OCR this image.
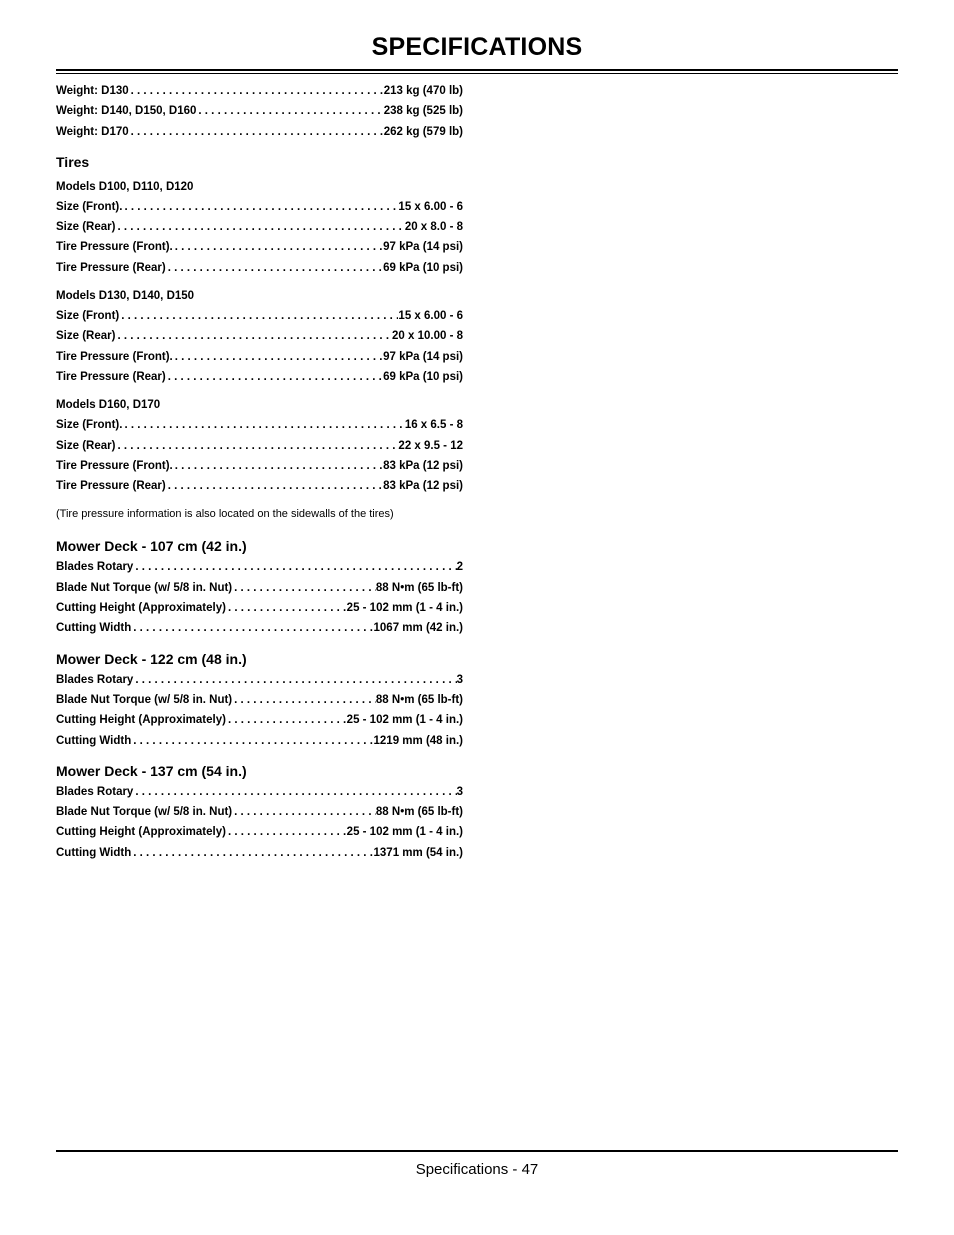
SPECIFICATIONS
Weight: D130 . . .	213 kg (470 lb)
Weight: D140, D150, D160 . . .	238 kg (525 lb)
Weight: D170 . . .	262 kg (579 lb)
Tires
Models D100, D110, D120
Size (Front). . . .	15 x 6.00 - 6
Size (Rear) . . .	20 x 8.0 - 8
Tire Pressure (Front). . . .	97 kPa (14 psi)
Tire Pressure (Rear) . . .	69 kPa (10 psi)
Models D130, D140, D150
Size (Front) . . .	15 x 6.00 - 6
Size (Rear) . . .	20 x 10.00 - 8
Tire Pressure (Front). . . .	97 kPa (14 psi)
Tire Pressure (Rear) . . .	69 kPa (10 psi)
Models D160, D170
Size (Front). . . .	16 x 6.5 - 8
Size (Rear) . . .	22 x 9.5 - 12
Tire Pressure (Front). . . .	83 kPa (12 psi)
Tire Pressure (Rear) . . .	83 kPa (12 psi)
(Tire pressure information is also located on the sidewalls of the tires)
Mower Deck - 107 cm (42 in.)
Blades Rotary . . .	2
Blade Nut Torque (w/ 5/8 in. Nut) . . .	88 N•m (65 lb-ft)
Cutting Height (Approximately) . . .	25 - 102 mm (1 - 4 in.)
Cutting Width . . .	1067 mm (42 in.)
Mower Deck - 122 cm (48 in.)
Blades Rotary . . .	3
Blade Nut Torque (w/ 5/8 in. Nut) . . .	88 N•m (65 lb-ft)
Cutting Height (Approximately) . . .	25 - 102 mm (1 - 4 in.)
Cutting Width . . .	1219 mm (48 in.)
Mower Deck - 137 cm (54 in.)
Blades Rotary . . .	3
Blade Nut Torque (w/ 5/8 in. Nut) . . .	88 N•m (65 lb-ft)
Cutting Height (Approximately) . . .	25 - 102 mm (1 - 4 in.)
Cutting Width . . .	1371 mm (54 in.)
Specifications - 47
